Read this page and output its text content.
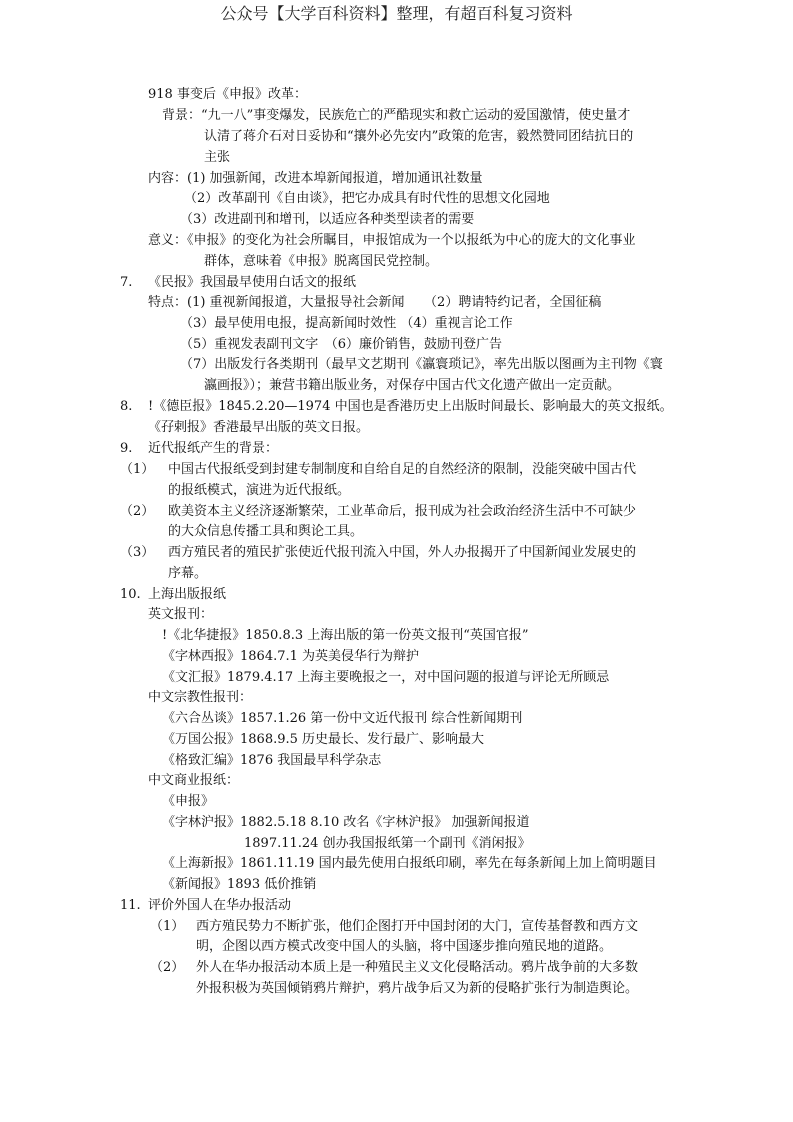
公众号【大学百科资料】整理，有超百科复习资料
918 事变后《申报》改革：
背景：“九一八”事变爆发，民族危亡的严酷现实和救亡运动的爱国激情，使史量才
认清了蒋介石对日妥协和“攘外必先安内”政策的危害，毅然赞同团结抗日的
主张
内容：(1) 加强新闻，改进本埠新闻报道，增加通讯社数量
（2）改革副刊《自由谈》，把它办成具有时代性的思想文化园地
（3）改进副刊和增刊，以适应各种类型读者的需要
意义：《申报》的变化为社会所瞩目，申报馆成为一个以报纸为中心的庞大的文化事业
群体，意味着《申报》脱离国民党控制。
7. 《民报》我国最早使用白话文的报纸
特点：(1) 重视新闻报道，大量报导社会新闻　　（2）聘请特约记者，全国征稿
（3）最早使用电报，提高新闻时效性 （4）重视言论工作
（5）重视发表副刊文字　（6）廉价销售，鼓励刊登广告
（7）出版发行各类期刊（最早文艺期刊《瀛寰琐记》，率先出版以图画为主刊物《寰
瀛画报》）；兼营书籍出版业务，对保存中国古代文化遗产做出一定贡献。
8. !《德臣报》1845.2.20—1974 中国也是香港历史上出版时间最长、影响最大的英文报纸。
《孖剌报》香港最早出版的英文日报。
9. 近代报纸产生的背景：
（1） 中国古代报纸受到封建专制制度和自给自足的自然经济的限制，没能突破中国古代
的报纸模式，演进为近代报纸。
（2） 欧美资本主义经济逐渐繁荣，工业革命后，报刊成为社会政治经济生活中不可缺少
的大众信息传播工具和舆论工具。
（3） 西方殖民者的殖民扩张使近代报刊流入中国，外人办报揭开了中国新闻业发展史的
序幕。
10. 上海出版报纸
英文报刊：
!《北华捷报》1850.8.3 上海出版的第一份英文报刊“英国官报”
《字林西报》1864.7.1 为英美侵华行为辩护
《文汇报》1879.4.17 上海主要晚报之一，对中国问题的报道与评论无所顾忌
中文宗教性报刊：
《六合丛谈》1857.1.26 第一份中文近代报刊 综合性新闻期刊
《万国公报》1868.9.5 历史最长、发行最广、影响最大
《格致汇编》1876 我国最早科学杂志
中文商业报纸：
《申报》
《字林沪报》1882.5.18 8.10 改名《字林沪报》 加强新闻报道
1897.11.24 创办我国报纸第一个副刊《消闲报》
《上海新报》1861.11.19 国内最先使用白报纸印刷，率先在每条新闻上加上简明题目
《新闻报》1893 低价推销
11. 评价外国人在华办报活动
（1） 西方殖民势力不断扩张，他们企图打开中国封闭的大门，宣传基督教和西方文
明，企图以西方模式改变中国人的头脑，将中国逐步推向殖民地的道路。
（2） 外人在华办报活动本质上是一种殖民主义文化侵略活动。鸦片战争前的大多数
外报积极为英国倾销鸦片辩护，鸦片战争后又为新的侵略扩张行为制造舆论。
